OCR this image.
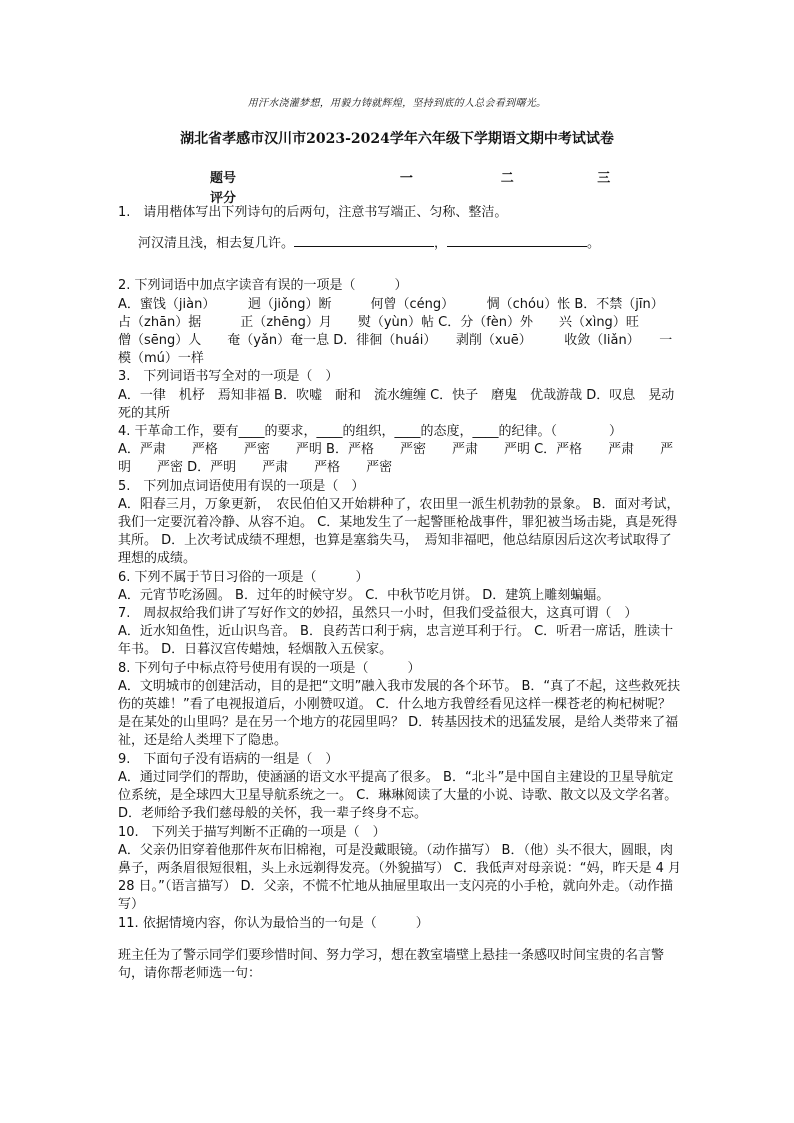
用汗水浇灌梦想，用毅力铸就辉煌，坚持到底的人总会看到曙光。
湖北省孝感市汉川市2023-2024学年六年级下学期语文期中考试试卷
题号	一	二	三
评分

1.　请用楷体写出下列诗句的后两句，注意书写端正、匀称、整洁。

河汉清且浅，相去复几许。	，	。

2. 下列词语中加点字读音有误的一项是（　　　）

A．蜜饯（jiàn）　　　迥（jiǒng）断　　　何曾（céng）　　　惆（chóu）怅 B．不禁（jīn）　　占（zhān）据　　　正（zhēng）月　　熨（yùn）帖 C．分（fèn）外　　兴（xìng）旺　　　僧（sēng）人　　奄（yǎn）奄一息 D．徘徊（huái）　　剥削（xuē）　　　收敛（liǎn）　　一模（mú）一样

3.　下列词语书写全对的一项是（　）

A．一律　机杼　焉知非福 B．吹嘘　耐和　流水缠缠 C．快子　磨鬼　优哉游哉 D．叹息　晃动　死的其所

4. 干革命工作，要有____的要求，____的组织，____的态度，____的纪律。（　　　　）

A．严肃　　严格　　严密　　严明 B．严格　　严密　　严肃　　严明 C．严格　　严肃　　严明　　严密 D．严明　　严肃　　严格　　严密

5.　下列加点词语使用有误的一项是（　）

A．阳春三月，万象更新，　农民伯伯又开始耕种了，农田里一派生机勃勃的景象。 B．面对考试，我们一定要沉着冷静、从容不迫。 C．某地发生了一起警匪枪战事件，罪犯被当场击毙，真是死得其所。 D．上次考试成绩不理想，也算是塞翁失马，　焉知非福吧，他总结原因后这次考试取得了理想的成绩。

6. 下列不属于节日习俗的一项是（　　　）

A．元宵节吃汤圆。 B．过年的时候守岁。 C．中秋节吃月饼。 D．建筑上雕刻蝙蝠。

7.　周叔叔给我们讲了写好作文的妙招，虽然只一小时，但我们受益很大，这真可谓（　）

A．近水知鱼性，近山识鸟音。 B．良药苦口利于病，忠言逆耳利于行。 C．听君一席话，胜读十年书。 D．日暮汉宫传蜡烛，轻烟散入五侯家。

8. 下列句子中标点符号使用有误的一项是（　　　）

A．文明城市的创建活动，目的是把“文明”融入我市发展的各个环节。 B．“真了不起，这些救死扶伤的英雄！”看了电视报道后，小刚赞叹道。 C．什么地方我曾经看见这样一棵苍老的枸杞树呢？是在某处的山里吗？是在另一个地方的花园里吗？ D．转基因技术的迅猛发展，是给人类带来了福祉，还是给人类埋下了隐患。

9.　下面句子没有语病的一组是（　）

A．通过同学们的帮助，使涵涵的语文水平提高了很多。 B．“北斗”是中国自主建设的卫星导航定位系统，是全球四大卫星导航系统之一。 C．琳琳阅读了大量的小说、诗歌、散文以及文学名著。 D．老师给予我们慈母般的关怀，我一辈子终身不忘。

10.　下列关于描写判断不正确的一项是（　）

A．父亲仍旧穿着他那件灰布旧棉袍，可是没戴眼镜。（动作描写） B．（他）头不很大，圆眼，肉鼻子，两条眉很短很粗，头上永远剃得发亮。（外貌描写） C．我低声对母亲说：“妈，昨天是 4 月 28 日。”（语言描写） D．父亲，不慌不忙地从抽屉里取出一支闪亮的小手枪，就向外走。（动作描写）

11. 依据情境内容，你认为最恰当的一句是（　　　）

班主任为了警示同学们要珍惜时间、努力学习，想在教室墙壁上悬挂一条感叹时间宝贵的名言警句，请你帮老师选一句：
